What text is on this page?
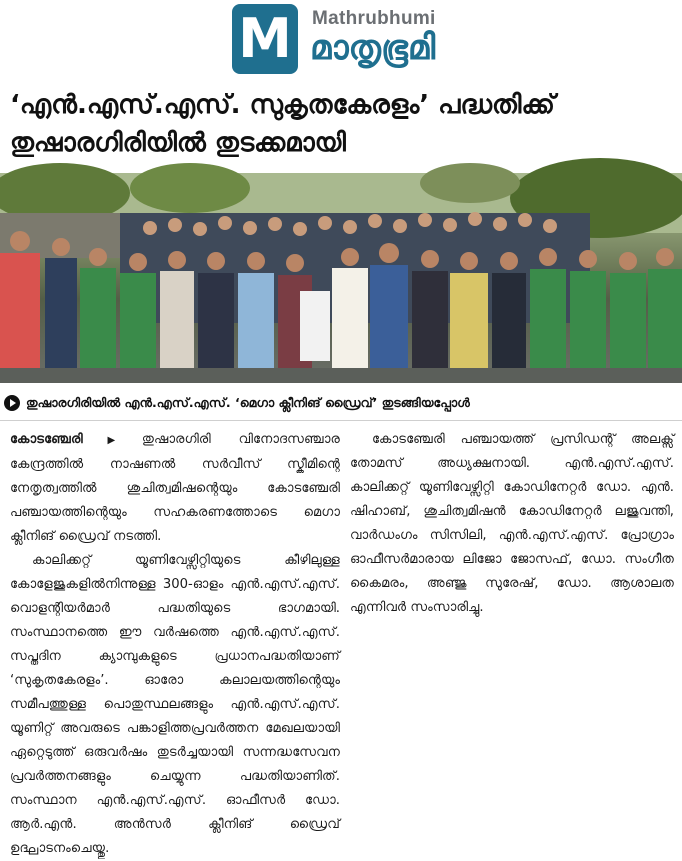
M Mathrubhumi
മാതൃഭൂമി
‘എൻ.എസ്.എസ്. സുകൃതകേരളം’ പദ്ധതിക്ക് തുഷാരഗിരിയിൽ തുടക്കമായി
തുഷാരഗിരിയിൽ എൻ.എസ്.എസ്. ‘മെഗാ ക്ലീനിങ് ഡ്രൈവ്’ തുടങ്ങിയപ്പോൾ

കോടഞ്ചേരി▶ തുഷാരഗിരി വിനോദസഞ്ചാര കേന്ദ്രത്തിൽ നാഷണൽ സർവീസ് സ്കീമിന്റെ നേതൃത്വത്തിൽ ശുചിത്വമിഷന്റെയും കോടഞ്ചേരി പഞ്ചായത്തിന്റെയും സഹകരണത്തോടെ മെഗാ ക്ലീനിങ് ഡ്രൈവ് നടത്തി.

കാലിക്കറ്റ് യൂണിവേഴ്സിറ്റിയുടെ കീഴിലുള്ള കോളേജുകളിൽനിന്നുള്ള 300-ഓളം എൻ.എസ്.എസ്. വൊളന്റിയർമാർ പദ്ധതിയുടെ ഭാഗമായി. സംസ്ഥാനത്തെ ഈ വർഷത്തെ എൻ.എസ്.എസ്. സപ്തദിന ക്യാമ്പുകളുടെ പ്രധാനപദ്ധതിയാണ് ‘സുകൃതകേരളം’. ഓരോ കലാലയത്തിന്റെയും സമീപത്തുള്ള പൊതുസ്ഥലങ്ങളും എൻ.എസ്.എസ്. യൂണിറ്റ് അവരുടെ പങ്കാളിത്തപ്രവർത്തന മേഖലയായി ഏറ്റെടുത്ത് ഒരുവർഷം തുടർച്ചയായി സന്നദ്ധസേവന പ്രവർത്തനങ്ങളും ചെയ്യുന്ന പദ്ധതിയാണിത്. സംസ്ഥാന എൻ.എസ്.എസ്. ഓഫീസർ ഡോ. ആർ.എൻ. അൻസർ ക്ലീനിങ് ഡ്രൈവ് ഉദ്ഘാടനംചെയ്തു.

കോടഞ്ചേരി പഞ്ചായത്ത് പ്രസിഡന്റ് അലക്സ് തോമസ് അധ്യക്ഷനായി. എൻ.എസ്.എസ്. കാലിക്കറ്റ് യൂണിവേഴ്സിറ്റി കോഡിനേറ്റർ ഡോ. എൻ. ഷിഹാബ്, ശുചിത്വമിഷൻ കോഡിനേറ്റർ ലജുവന്തി, വാർഡംഗം സിസിലി, എൻ.എസ്.എസ്. പ്രോഗ്രാം ഓഫീസർമാരായ ലിജോ ജോസഫ്, ഡോ. സംഗീത കൈമരം, അഞ്ജു സുരേഷ്, ഡോ. ആശാലത എന്നിവർ സംസാരിച്ചു.
